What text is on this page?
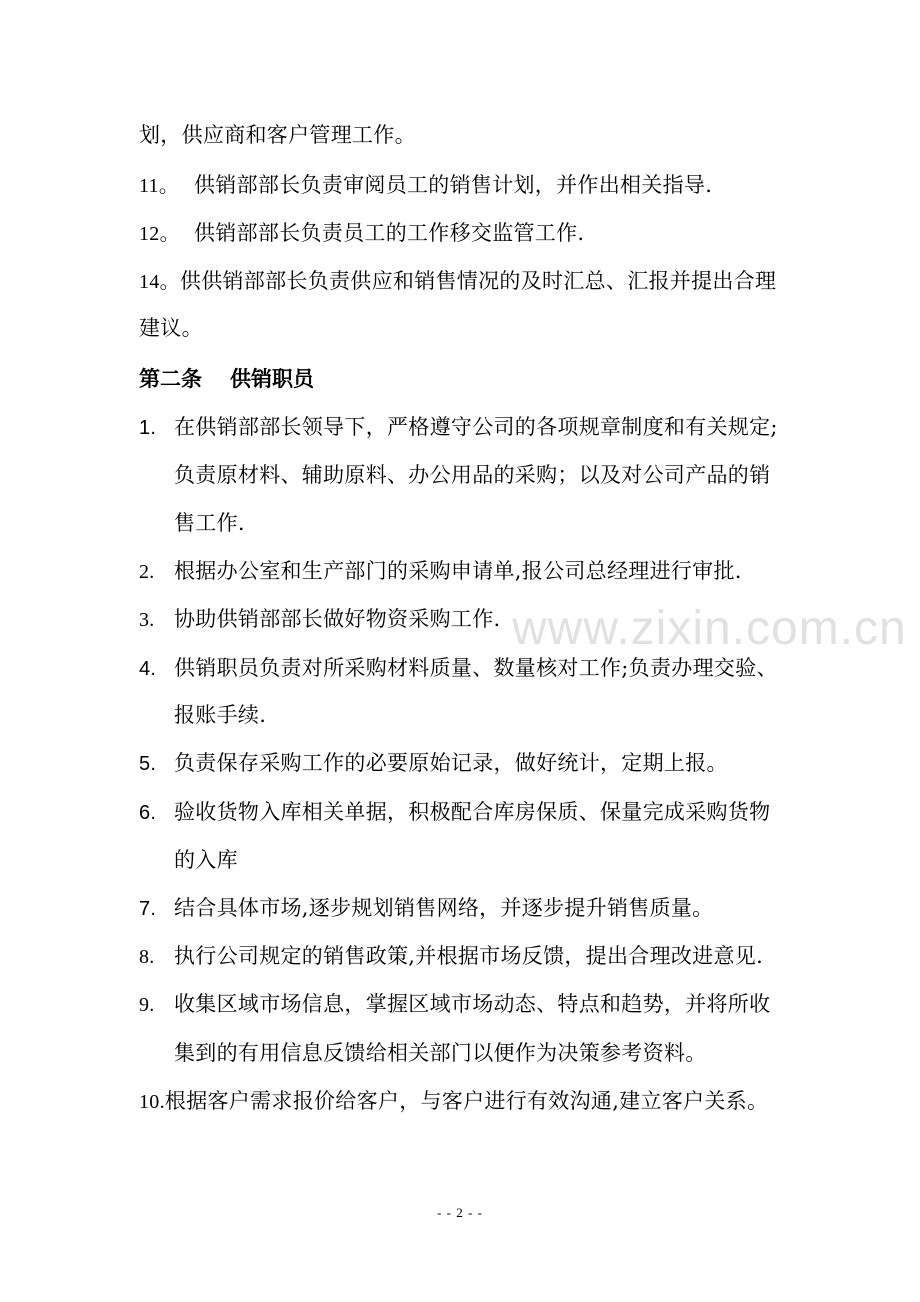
划，供应商和客户管理工作。
11。 供销部部长负责审阅员工的销售计划，并作出相关指导.
12。 供销部部长负责员工的工作移交监管工作.
14。供供销部部长负责供应和销售情况的及时汇总、汇报并提出合理
建议。
第二条 供销职员
1. 在供销部部长领导下，严格遵守公司的各项规章制度和有关规定;
负责原材料、辅助原料、办公用品的采购；以及对公司产品的销
售工作.
2. 根据办公室和生产部门的采购申请单,报公司总经理进行审批.
3. 协助供销部部长做好物资采购工作.
4. 供销职员负责对所采购材料质量、数量核对工作;负责办理交验、
报账手续.
5. 负责保存采购工作的必要原始记录，做好统计，定期上报。
6. 验收货物入库相关单据，积极配合库房保质、保量完成采购货物
的入库
7. 结合具体市场,逐步规划销售网络，并逐步提升销售质量。
8. 执行公司规定的销售政策,并根据市场反馈，提出合理改进意见.
9. 收集区域市场信息，掌握区域市场动态、特点和趋势，并将所收
集到的有用信息反馈给相关部门以便作为决策参考资料。
10.根据客户需求报价给客户，与客户进行有效沟通,建立客户关系。
www.zixin.com.cn
- - 2 - -
